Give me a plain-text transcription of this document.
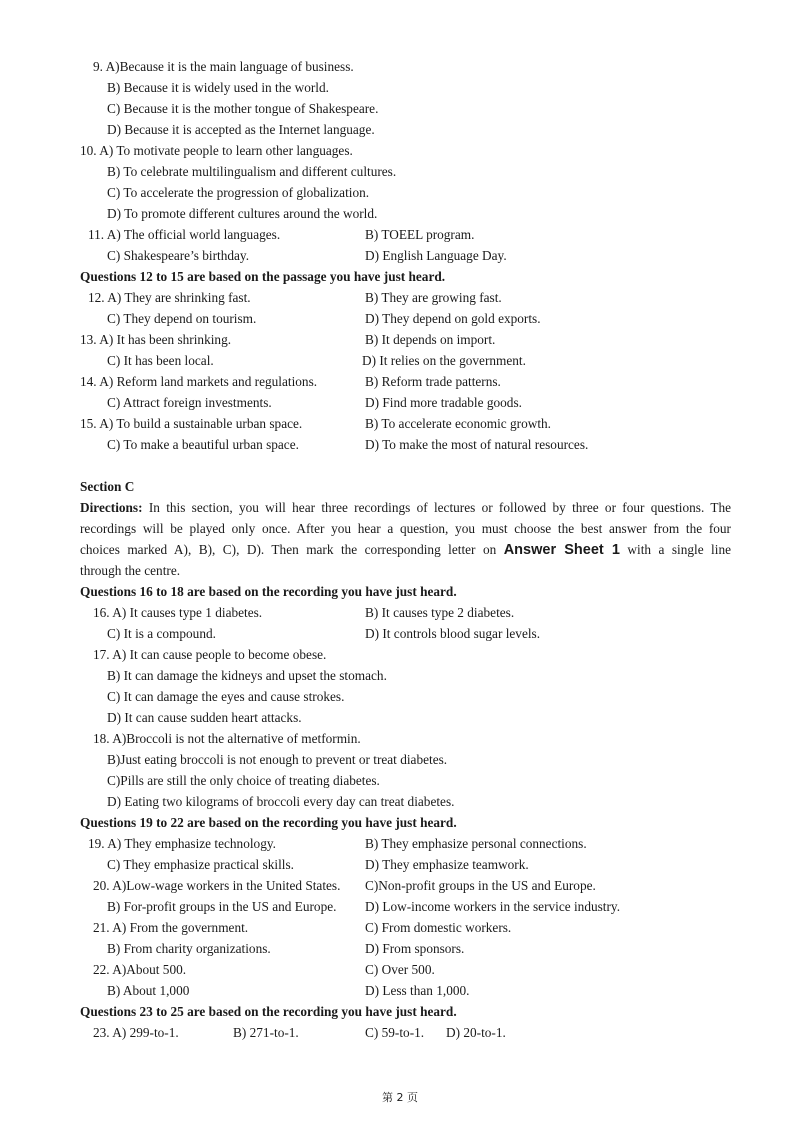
9. A)Because it is the main language of business.
B) Because it is widely used in the world.
C) Because it is the mother tongue of Shakespeare.
D) Because it is accepted as the Internet language.
10. A) To motivate people to learn other languages.
B) To celebrate multilingualism and different cultures.
C) To accelerate the progression of globalization.
D) To promote different cultures around the world.
11. A) The official world languages.	B) TOEEL program.
C) Shakespeare’s birthday.	D) English Language Day.
Questions 12 to 15 are based on the passage you have just heard.
12. A) They are shrinking fast.	B) They are growing fast.
C) They depend on tourism.	D) They depend on gold exports.
13. A) It has been shrinking.	B) It depends on import.
C) It has been local.	D) It relies on the government.
14. A) Reform land markets and regulations.	B) Reform trade patterns.
C) Attract foreign investments.	D) Find more tradable goods.
15. A) To build a sustainable urban space.	B) To accelerate economic growth.
C) To make a beautiful urban space.	D) To make the most of natural resources.
Section C
Directions: In this section, you will hear three recordings of lectures or followed by three or four questions. The
recordings will be played only once. After you hear a question, you must choose the best answer from the four
choices marked A), B), C), D). Then mark the corresponding letter on Answer Sheet 1 with a single line
through the centre.
Questions 16 to 18 are based on the recording you have just heard.
16. A) It causes type 1 diabetes.	B) It causes type 2 diabetes.
C) It is a compound.	D) It controls blood sugar levels.
17. A) It can cause people to become obese.
B) It can damage the kidneys and upset the stomach.
C) It can damage the eyes and cause strokes.
D) It can cause sudden heart attacks.
18. A)Broccoli is not the alternative of metformin.
B)Just eating broccoli is not enough to prevent or treat diabetes.
C)Pills are still the only choice of treating diabetes.
D) Eating two kilograms of broccoli every day can treat diabetes.
Questions 19 to 22 are based on the recording you have just heard.
19. A) They emphasize technology.	B) They emphasize personal connections.
C) They emphasize practical skills.	D) They emphasize teamwork.
20. A)Low-wage workers in the United States. C)Non-profit groups in the US and Europe.
B) For-profit groups in the US and Europe. D) Low-income workers in the service industry.
21. A) From the government.	C) From domestic workers.
B) From charity organizations.	D) From sponsors.
22. A)About 500.	C) Over 500.
B) About 1,000	D) Less than 1,000.
Questions 23 to 25 are based on the recording you have just heard.
23. A) 299-to-1.	B) 271-to-1.	C) 59-to-1. D) 20-to-1.
第 2 页
